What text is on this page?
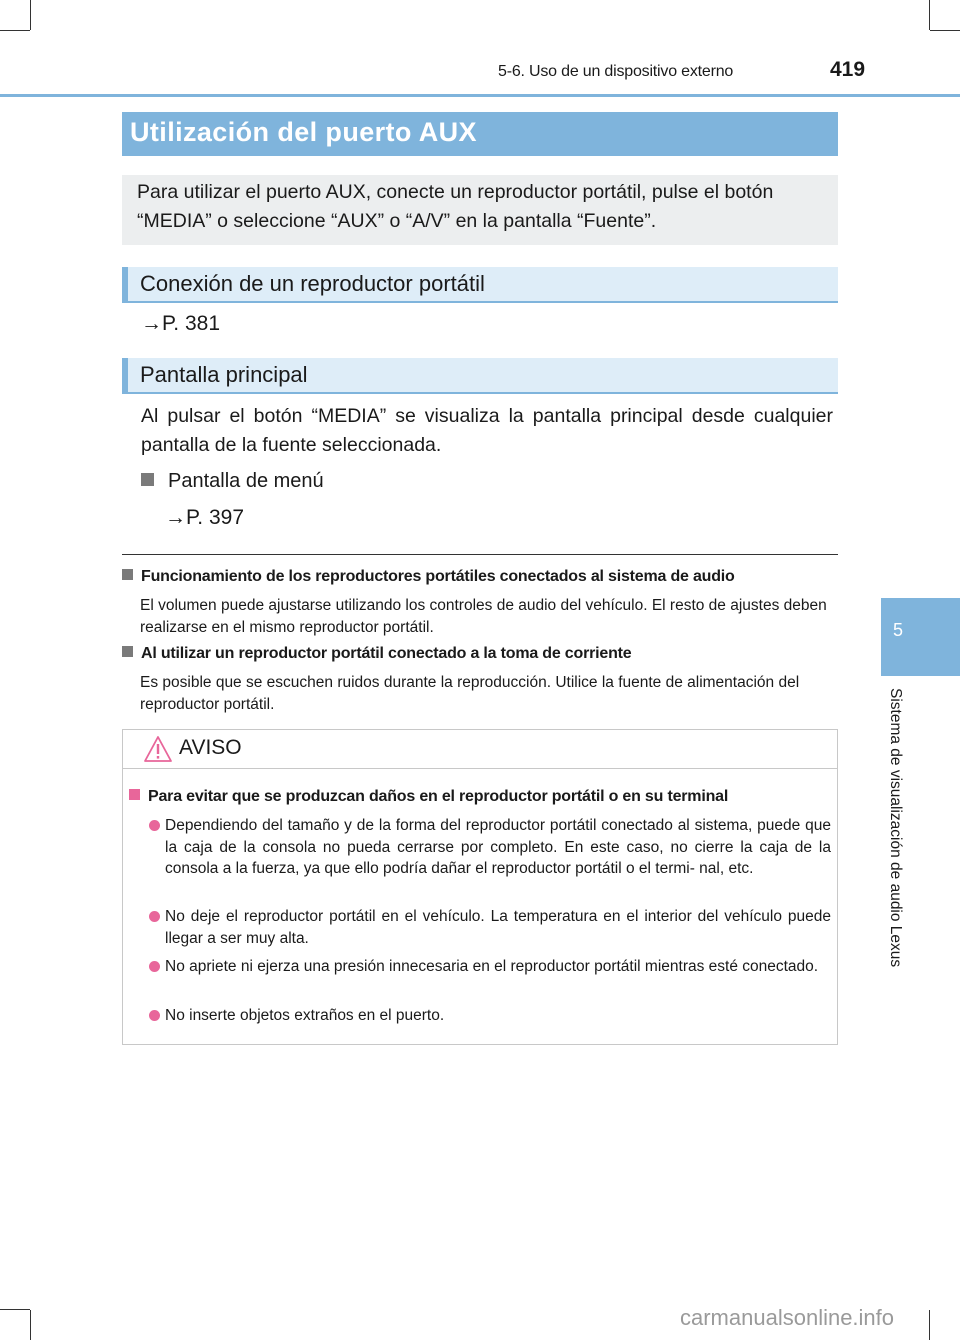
5-6. Uso de un dispositivo externo	419
5
Sistema de visualización de audio Lexus
Utilización del puerto AUX

Para utilizar el puerto AUX, conecte un reproductor portátil, pulse el botón “MEDIA” o seleccione “AUX” o “A/V” en la pantalla “Fuente”.

Conexión de un reproductor portátil
→P. 381
Pantalla principal

Al pulsar el botón “MEDIA” se visualiza la pantalla principal desde cualquier pantalla de la fuente seleccionada.

Pantalla de menú
→P. 397
Funcionamiento de los reproductores portátiles conectados al sistema de audio

El volumen puede ajustarse utilizando los controles de audio del vehículo. El resto de ajustes deben realizarse en el mismo reproductor portátil.

Al utilizar un reproductor portátil conectado a la toma de corriente

Es posible que se escuchen ruidos durante la reproducción. Utilice la fuente de alimentación del reproductor portátil.

AVISO
Para evitar que se produzcan daños en el reproductor portátil o en su terminal

Dependiendo del tamaño y de la forma del reproductor portátil conectado al sistema, puede que la caja de la consola no pueda cerrarse por completo. En este caso, no cierre la caja de la consola a la fuerza, ya que ello podría dañar el reproductor portátil o el termi- nal, etc.

No deje el reproductor portátil en el vehículo. La temperatura en el interior del vehículo puede llegar a ser muy alta.

No apriete ni ejerza una presión innecesaria en el reproductor portátil mientras esté conectado.

No inserte objetos extraños en el puerto.

carmanualsonline.info
